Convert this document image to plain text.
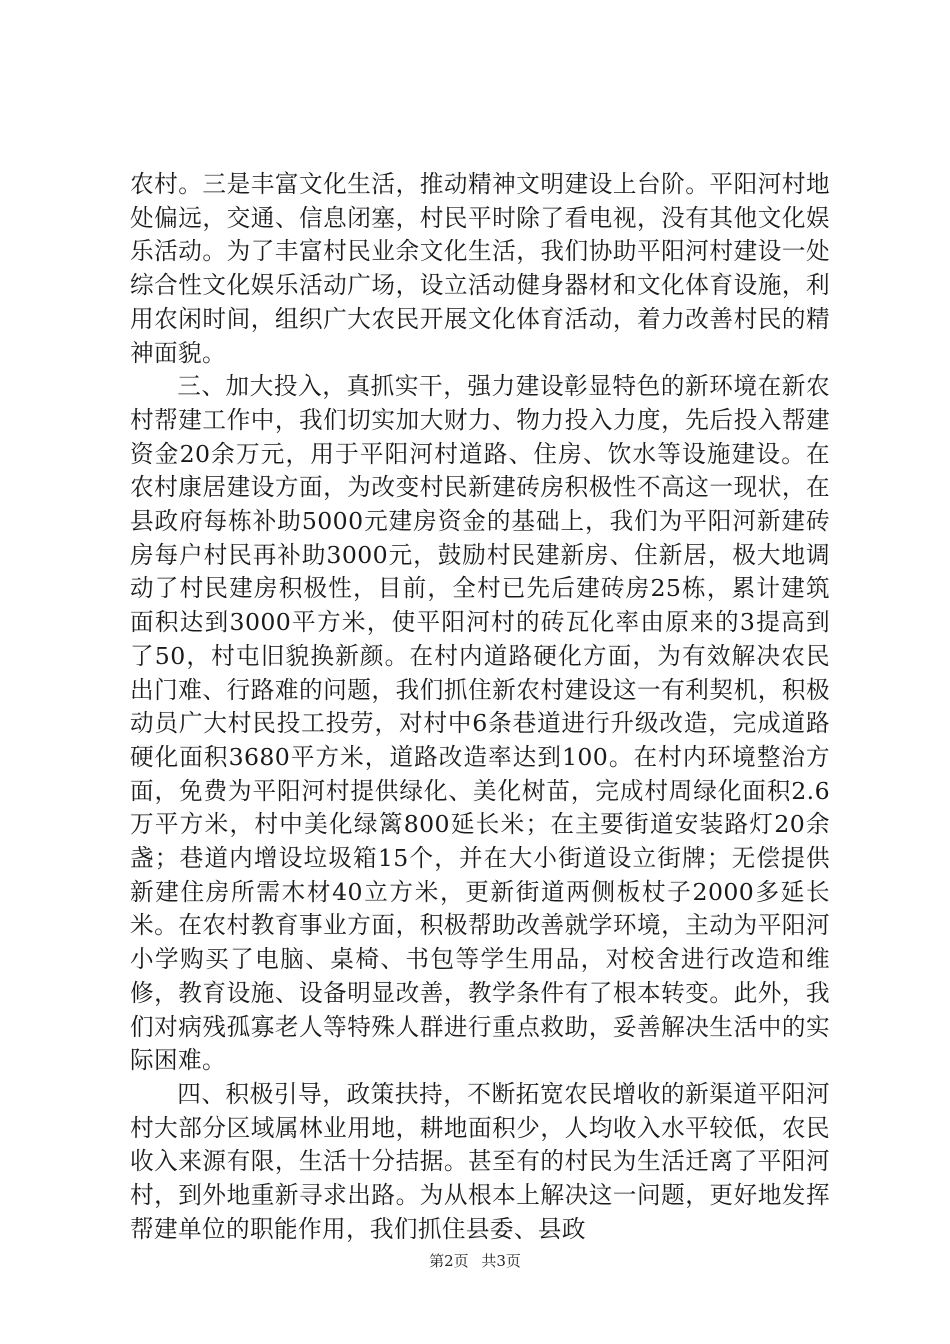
农村。三是丰富文化生活，推动精神文明建设上台阶。平阳河村地处偏远，交通、信息闭塞，村民平时除了看电视，没有其他文化娱乐活动。为了丰富村民业余文化生活，我们协助平阳河村建设一处综合性文化娱乐活动广场，设立活动健身器材和文化体育设施，利用农闲时间，组织广大农民开展文化体育活动，着力改善村民的精神面貌。

三、加大投入，真抓实干，强力建设彰显特色的新环境在新农村帮建工作中，我们切实加大财力、物力投入力度，先后投入帮建资金20余万元，用于平阳河村道路、住房、饮水等设施建设。在农村康居建设方面，为改变村民新建砖房积极性不高这一现状，在县政府每栋补助5000元建房资金的基础上，我们为平阳河新建砖房每户村民再补助3000元，鼓励村民建新房、住新居，极大地调动了村民建房积极性，目前，全村已先后建砖房25栋，累计建筑面积达到3000平方米，使平阳河村的砖瓦化率由原来的3提高到了50，村屯旧貌换新颜。在村内道路硬化方面，为有效解决农民出门难、行路难的问题，我们抓住新农村建设这一有利契机，积极动员广大村民投工投劳，对村中6条巷道进行升级改造，完成道路硬化面积3680平方米，道路改造率达到100。在村内环境整治方面，免费为平阳河村提供绿化、美化树苗，完成村周绿化面积2.6万平方米，村中美化绿篱800延长米；在主要街道安装路灯20余盏；巷道内增设垃圾箱15个，并在大小街道设立街牌；无偿提供新建住房所需木材40立方米，更新街道两侧板杖子2000多延长米。在农村教育事业方面，积极帮助改善就学环境，主动为平阳河小学购买了电脑、桌椅、书包等学生用品，对校舍进行改造和维修，教育设施、设备明显改善，教学条件有了根本转变。此外，我们对病残孤寡老人等特殊人群进行重点救助，妥善解决生活中的实际困难。

四、积极引导，政策扶持，不断拓宽农民增收的新渠道平阳河村大部分区域属林业用地，耕地面积少，人均收入水平较低，农民收入来源有限，生活十分拮据。甚至有的村民为生活迁离了平阳河村，到外地重新寻求出路。为从根本上解决这一问题，更好地发挥帮建单位的职能作用，我们抓住县委、县政

第2页 共3页
